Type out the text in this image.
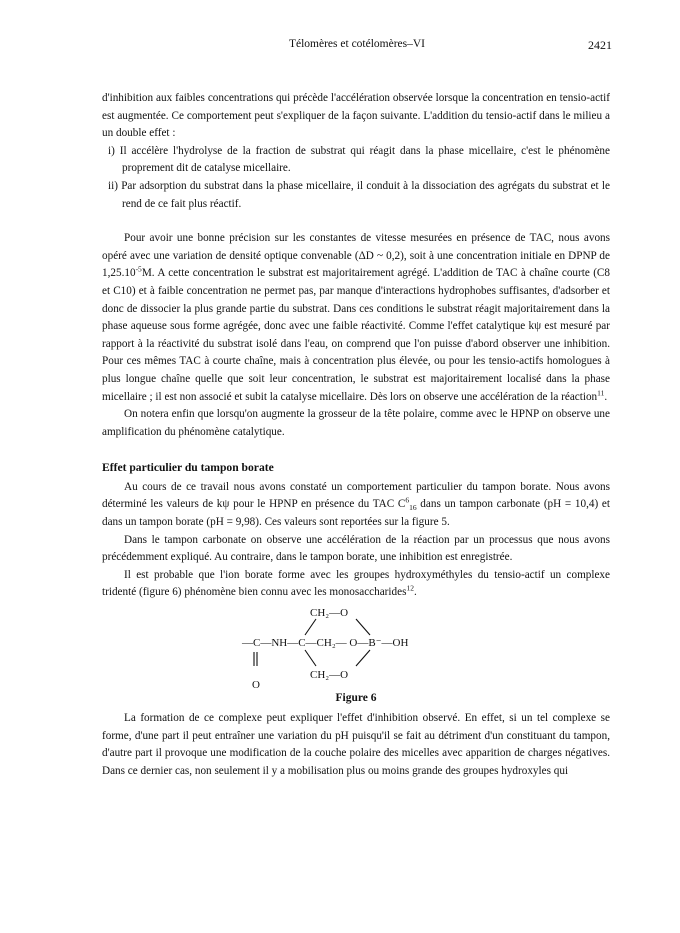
Télomères et cotélomères–VI	2421

d'inhibition aux faibles concentrations qui précède l'accélération observée lorsque la concentration en tensio-actif est augmentée. Ce comportement peut s'expliquer de la façon suivante. L'addition du tensio-actif dans le milieu a un double effet :

i) Il accélère l'hydrolyse de la fraction de substrat qui réagit dans la phase micellaire, c'est le phénomène proprement dit de catalyse micellaire.
ii) Par adsorption du substrat dans la phase micellaire, il conduit à la dissociation des agrégats du substrat et le rend de ce fait plus réactif.

Pour avoir une bonne précision sur les constantes de vitesse mesurées en présence de TAC, nous avons opéré avec une variation de densité optique convenable (ΔD ~ 0,2), soit à une concentration initiale en DPNP de $1,25.10^{-5}M$. A cette concentration le substrat est majoritairement agrégé. L'addition de TAC à chaîne courte (C8 et C10) et à faible concentration ne permet pas, par manque d'interactions hydrophobes suffisantes, d'adsorber et donc de dissocier la plus grande partie du substrat. Dans ces conditions le substrat réagit majoritairement dans la phase aqueuse sous forme agrégée, donc avec une faible réactivité. Comme l'effet catalytique kψ est mesuré par rapport à la réactivité du substrat isolé dans l'eau, on comprend que l'on puisse d'abord observer une inhibition. Pour ces mêmes TAC à courte chaîne, mais à concentration plus élevée, ou pour les tensio-actifs homologues à plus longue chaîne quelle que soit leur concentration, le substrat est majoritairement localisé dans la phase micellaire ; il est non associé et subit la catalyse micellaire. Dès lors on observe une accélération de la réaction$^{11}$.

On notera enfin que lorsqu'on augmente la grosseur de la tête polaire, comme avec le HPNP on observe une amplification du phénomène catalytique.

Effet particulier du tampon borate

Au cours de ce travail nous avons constaté un comportement particulier du tampon borate. Nous avons déterminé les valeurs de kψ pour le HPNP en présence du TAC $C^6_{16}$ dans un tampon carbonate (pH = 10,4) et dans un tampon borate (pH = 9,98). Ces valeurs sont reportées sur la figure 5.

Dans le tampon carbonate on observe une accélération de la réaction par un processus que nous avons précédemment expliqué. Au contraire, dans le tampon borate, une inhibition est enregistrée.

Il est probable que l'ion borate forme avec les groupes hydroxyméthyles du tensio-actif un complexe tridenté (figure 6) phénomène bien connu avec les monosaccharides$^{12}$.

CH₂—O
—C—NH—C—CH₂— O—B⁻—OH
CH₂—O
O
Figure 6

La formation de ce complexe peut expliquer l'effet d'inhibition observé. En effet, si un tel complexe se forme, d'une part il peut entraîner une variation du pH puisqu'il se fait au détriment d'un constituant du tampon, d'autre part il provoque une modification de la couche polaire des micelles avec apparition de charges négatives. Dans ce dernier cas, non seulement il y a mobilisation plus ou moins grande des groupes hydroxyles qui
